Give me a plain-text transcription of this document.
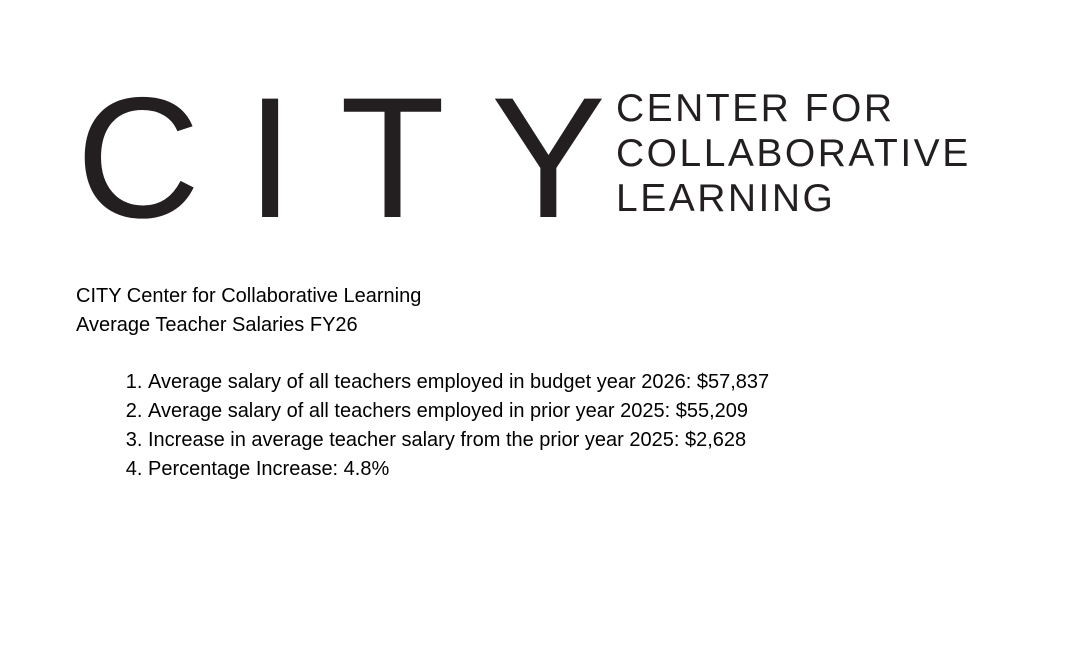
CITY
CENTER FOR
COLLABORATIVE
LEARNING
CITY Center for Collaborative Learning
Average Teacher Salaries FY26
1. Average salary of all teachers employed in budget year 2026: $57,837
2. Average salary of all teachers employed in prior year 2025: $55,209
3. Increase in average teacher salary from the prior year 2025: $2,628
4. Percentage Increase: 4.8%
